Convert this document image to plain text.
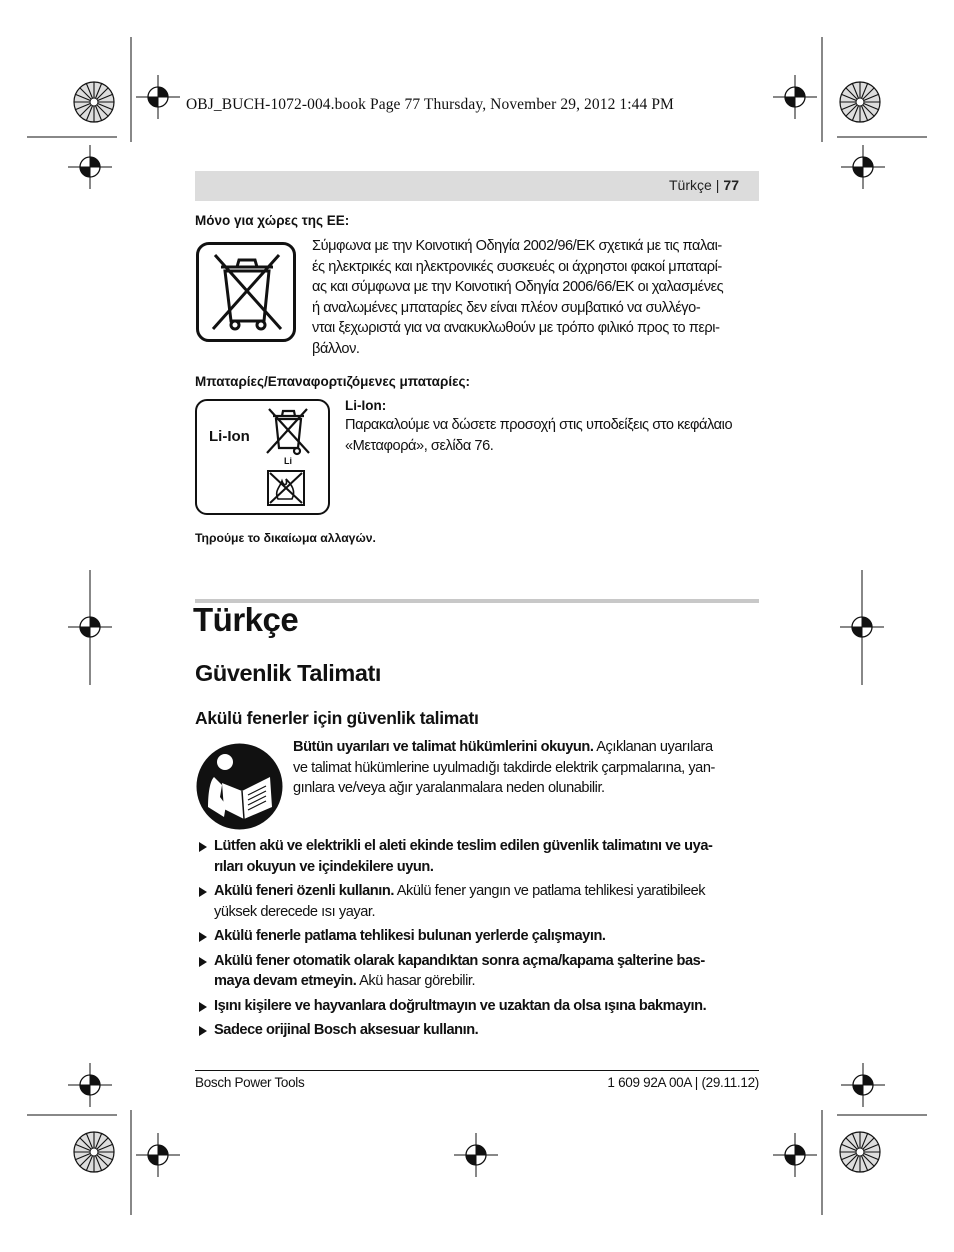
OBJ_BUCH-1072-004.book Page 77 Thursday, November 29, 2012 1:44 PM
Türkçe | 77
Μόνο για χώρες της ΕΕ:
Σύμφωνα με την Κοινοτική Οδηγία 2002/96/ΕΚ σχετικά με τις παλαι-
ές ηλεκτρικές και ηλεκτρονικές συσκευές οι άχρηστοι φακοί μπαταρί-
ας και σύμφωνα με την Κοινοτική Οδηγία 2006/66/ΕΚ οι χαλασμένες
ή αναλωμένες μπαταρίες δεν είναι πλέον συμβατικό να συλλέγο-
νται ξεχωριστά για να ανακυκλωθούν με τρόπο φιλικό προς το περι-
βάλλον.
Μπαταρίες/Επαναφορτιζόμενες μπαταρίες:
Li-Ion
Li
Li-Ion:
Παρακαλούμε να δώσετε προσοχή στις υποδείξεις στο κεφάλαιο
«Μεταφορά», σελίδα 76.
Τηρούμε το δικαίωμα αλλαγών.
Türkçe
Güvenlik Talimatı
Akülü fenerler için güvenlik talimatı
Bütün uyarıları ve talimat hükümlerini okuyun. Açıklanan uyarılara
ve talimat hükümlerine uyulmadığı takdirde elektrik çarpmalarına, yan-
gınlara ve/veya ağır yaralanmalara neden olunabilir.
Lütfen akü ve elektrikli el aleti ekinde teslim edilen güvenlik talimatını ve uya-
rıları okuyun ve içindekilere uyun.
Akülü feneri özenli kullanın. Akülü fener yangın ve patlama tehlikesi yaratibileek
yüksek derecede ısı yayar.
Akülü fenerle patlama tehlikesi bulunan yerlerde çalışmayın.
Akülü fener otomatik olarak kapandıktan sonra açma/kapama şalterine bas-
maya devam etmeyin. Akü hasar görebilir.
Işını kişilere ve hayvanlara doğrultmayın ve uzaktan da olsa ışına bakmayın.
Sadece orijinal Bosch aksesuar kullanın.
Bosch Power Tools	1 609 92A 00A | (29.11.12)
